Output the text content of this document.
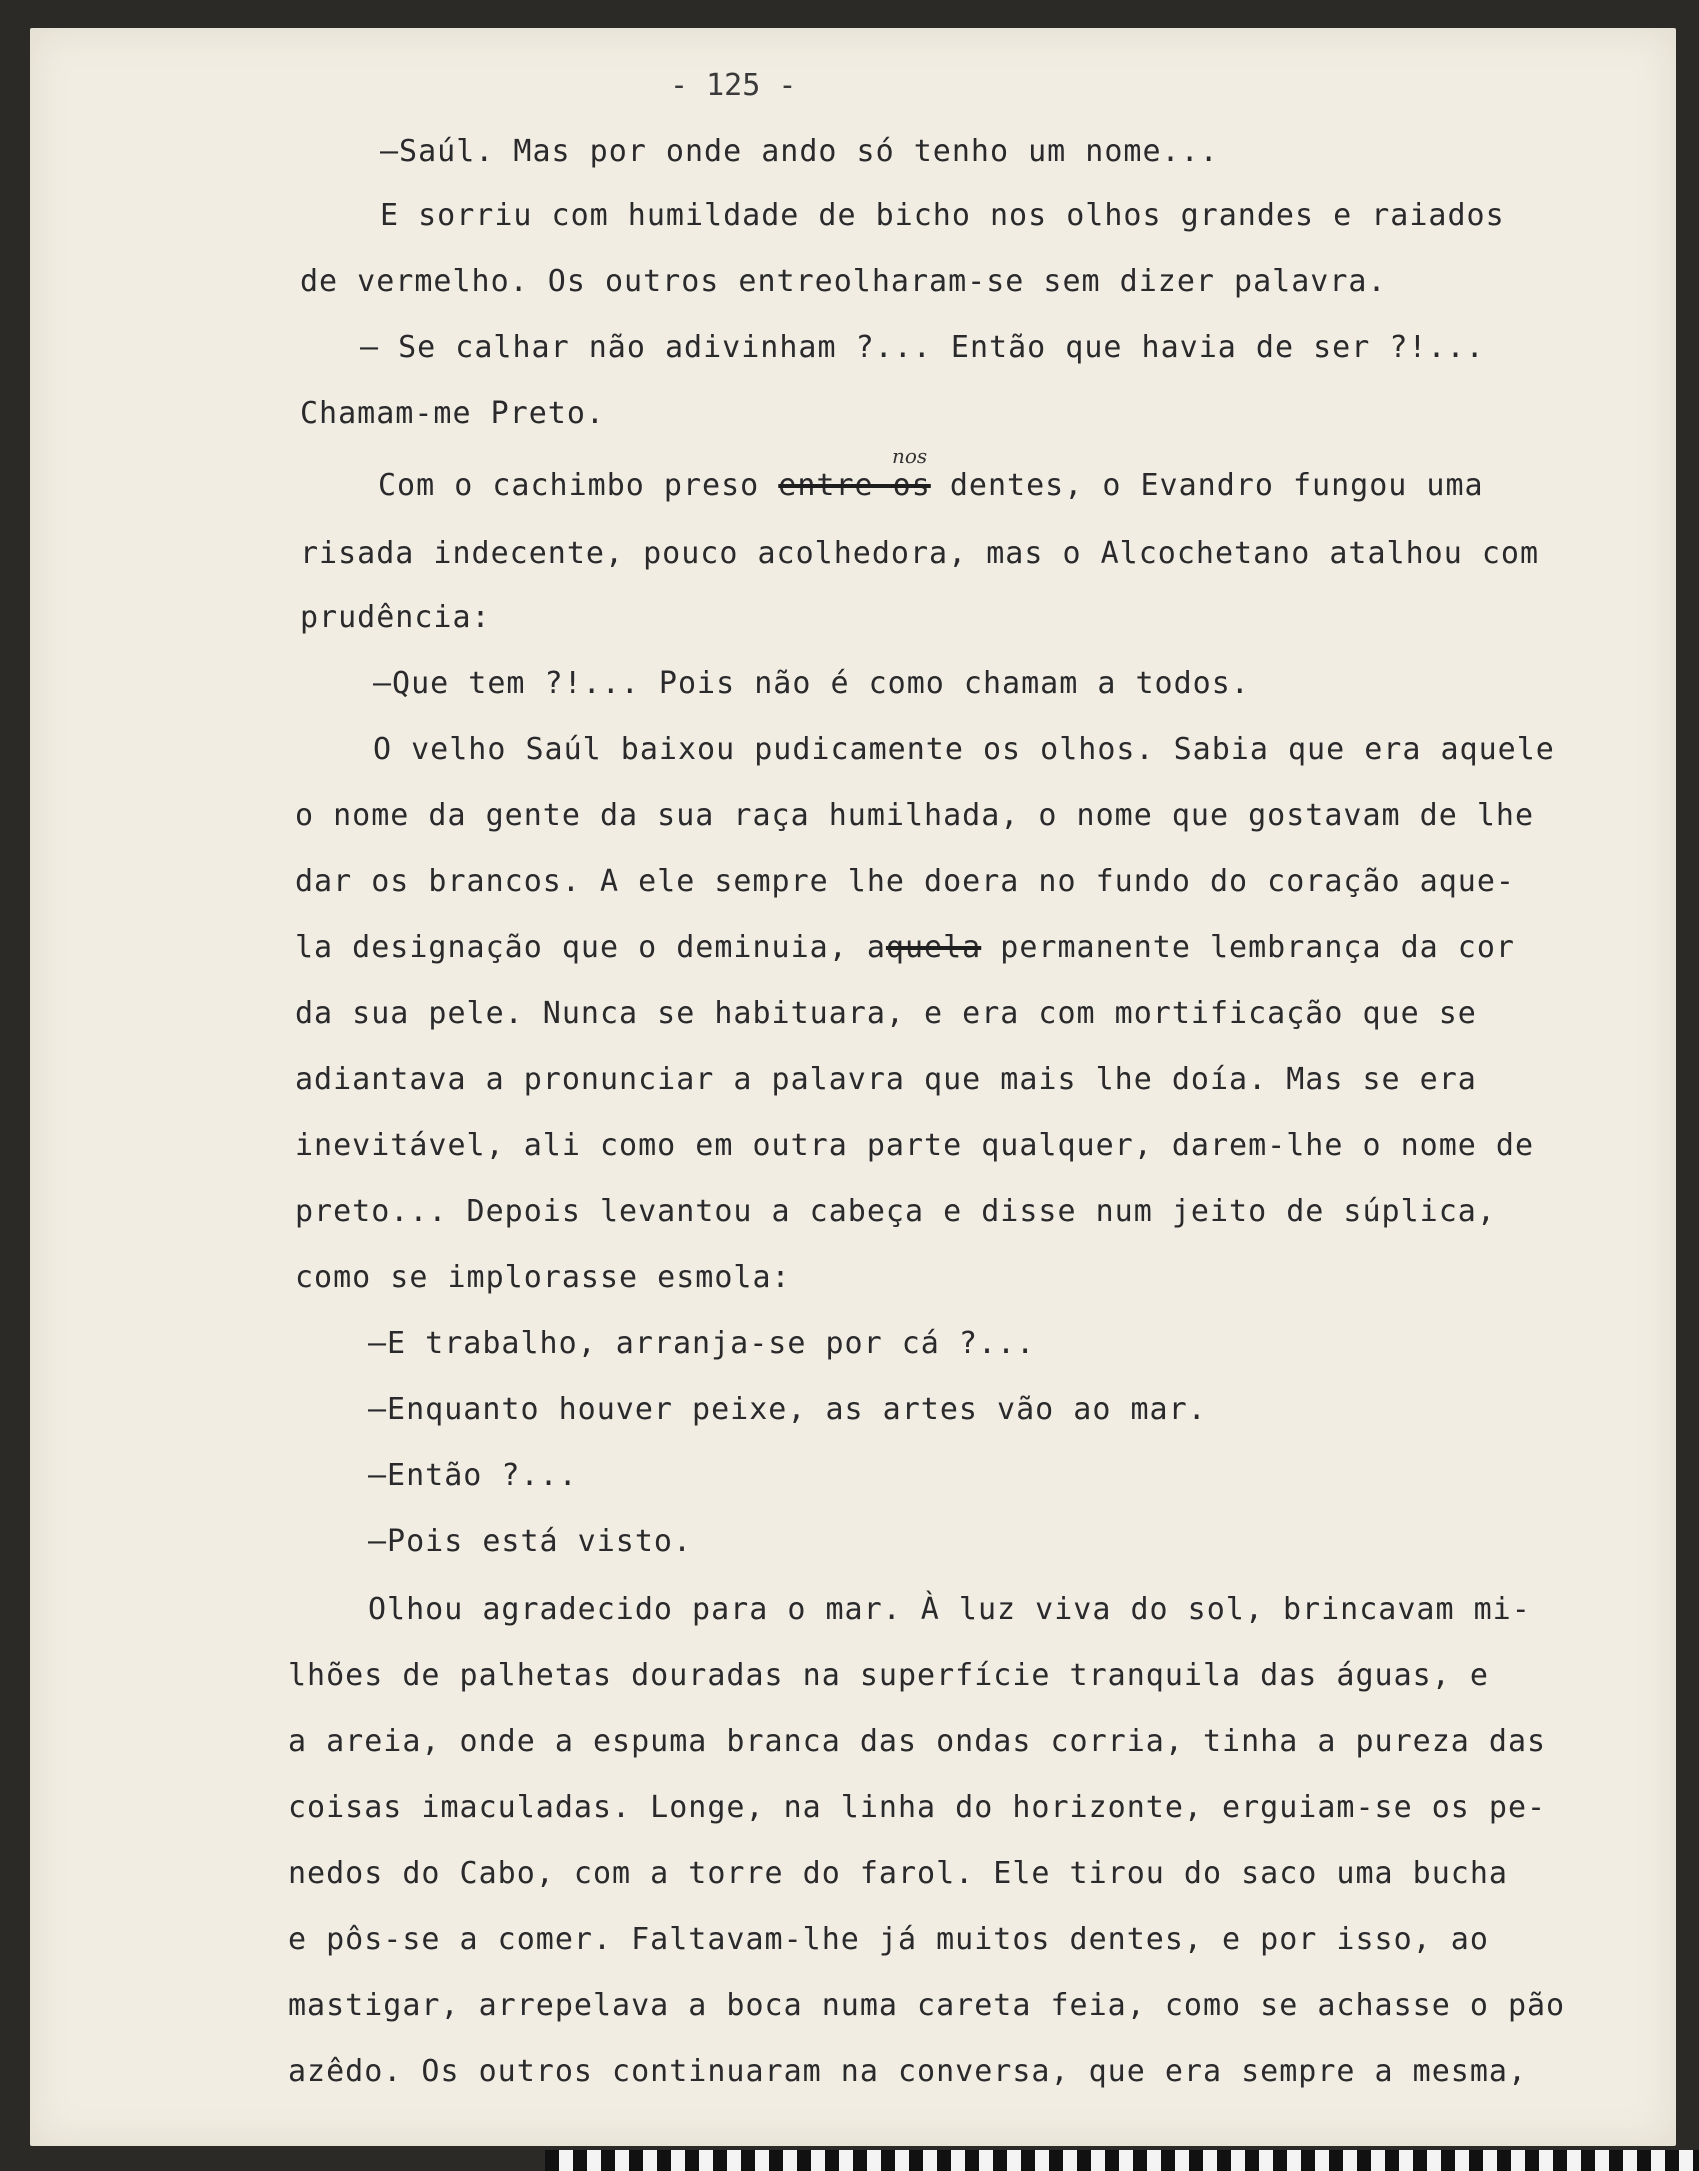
- 125 -
—Saúl. Mas por onde ando só tenho um nome...
E sorriu com humildade de bicho nos olhos grandes e raiados
de vermelho. Os outros entreolharam-se sem dizer palavra.
— Se calhar não adivinham ?... Então que havia de ser ?!...
Chamam-me Preto.
Com o cachimbo preso entre os dentes, o Evandro fungou uma
nos
risada indecente, pouco acolhedora, mas o Alcochetano atalhou com
prudência:
—Que tem ?!... Pois não é como chamam a todos.
O velho Saúl baixou pudicamente os olhos. Sabia que era aquele
o nome da gente da sua raça humilhada, o nome que gostavam de lhe
dar os brancos. A ele sempre lhe doera no fundo do coração aque-
la designação que o deminuia, aquela permanente lembrança da cor
da sua pele. Nunca se habituara, e era com mortificação que se
adiantava a pronunciar a palavra que mais lhe doía. Mas se era
inevitável, ali como em outra parte qualquer, darem-lhe o nome de
preto... Depois levantou a cabeça e disse num jeito de súplica,
como se implorasse esmola:
—E trabalho, arranja-se por cá ?...
—Enquanto houver peixe, as artes vão ao mar.
—Então ?...
—Pois está visto.
Olhou agradecido para o mar. À luz viva do sol, brincavam mi-
lhões de palhetas douradas na superfície tranquila das águas, e
a areia, onde a espuma branca das ondas corria, tinha a pureza das
coisas imaculadas. Longe, na linha do horizonte, erguiam-se os pe-
nedos do Cabo, com a torre do farol. Ele tirou do saco uma bucha
e pôs-se a comer. Faltavam-lhe já muitos dentes, e por isso, ao
mastigar, arrepelava a boca numa careta feia, como se achasse o pão
azêdo. Os outros continuaram na conversa, que era sempre a mesma,
